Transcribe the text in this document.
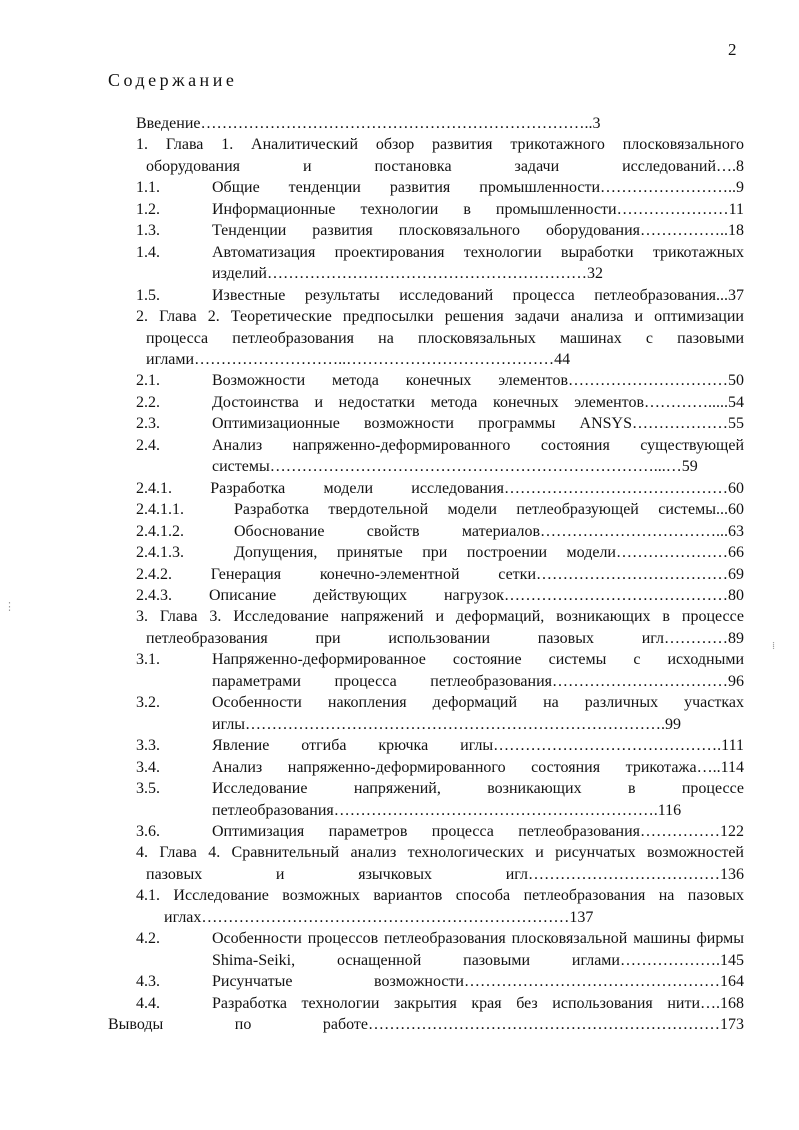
2
Содержание
Введение………………………………………………………………..3
1. Глава 1. Аналитический обзор развития трикотажного плосковязального оборудования и постановка задачи исследований….8
1.1.	Общие тенденции развития промышленности……………………..9
1.2.	Информационные технологии в промышленности…………………11
1.3.	Тенденции развития плосковязального оборудования……………..18
1.4.	Автоматизация проектирования технологии выработки трикотажных изделий……………………………………………………32
1.5.	Известные результаты исследований процесса петлеобразования...37
2. Глава 2. Теоретические предпосылки решения задачи анализа и оптимизации процесса петлеобразования на плосковязальных машинах с пазовыми иглами………………………..…………………………………44
2.1.	Возможности метода конечных элементов…………………………50
2.2.	Достоинства и недостатки метода конечных элементов………….....54
2.3.	Оптимизационные возможности программы ANSYS………………55
2.4.	Анализ напряженно-деформированного состояния существующей системы………………………………………………………………...…59
2.4.1. Разработка модели исследования……………………………………60
2.4.1.1.	Разработка твердотельной модели петлеобразующей системы...60
2.4.1.2.	Обоснование свойств материалов……………………………...63
2.4.1.3.	Допущения, принятые при построении модели…………………66
2.4.2. Генерация конечно-элементной сетки………………………………69
2.4.3. Описание действующих нагрузок……………………………………80
3. Глава 3. Исследование напряжений и деформаций, возникающих в процессе петлеобразования при использовании пазовых игл…………89
3.1.	Напряженно-деформированное состояние системы с исходными параметрами процесса петлеобразования……………………………96
3.2.	Особенности накопления деформаций на различных участках иглы…………………………………………………………………….99
3.3.	Явление отгиба крючка иглы…………………………………….111
3.4.	Анализ напряженно-деформированного состояния трикотажа…..114
3.5.	Исследование напряжений, возникающих в процессе петлеобразования…………………………………………………….116
3.6.	Оптимизация параметров процесса петлеобразования……………122
4. Глава 4. Сравнительный анализ технологических и рисунчатых возможностей пазовых и язычковых игл………………………………136
4.1. Исследование возможных вариантов способа петлеобразования на пазовых иглах……………………………………………………………137
4.2.	Особенности процессов петлеобразования плосковязальной машины фирмы Shima-Seiki, оснащенной пазовыми иглами……………….145
4.3.	Рисунчатые возможности…………………………………………164
4.4.	Разработка технологии закрытия края без использования нити….168
Выводы по работе…………………………………………………………173
⋮
⁞
